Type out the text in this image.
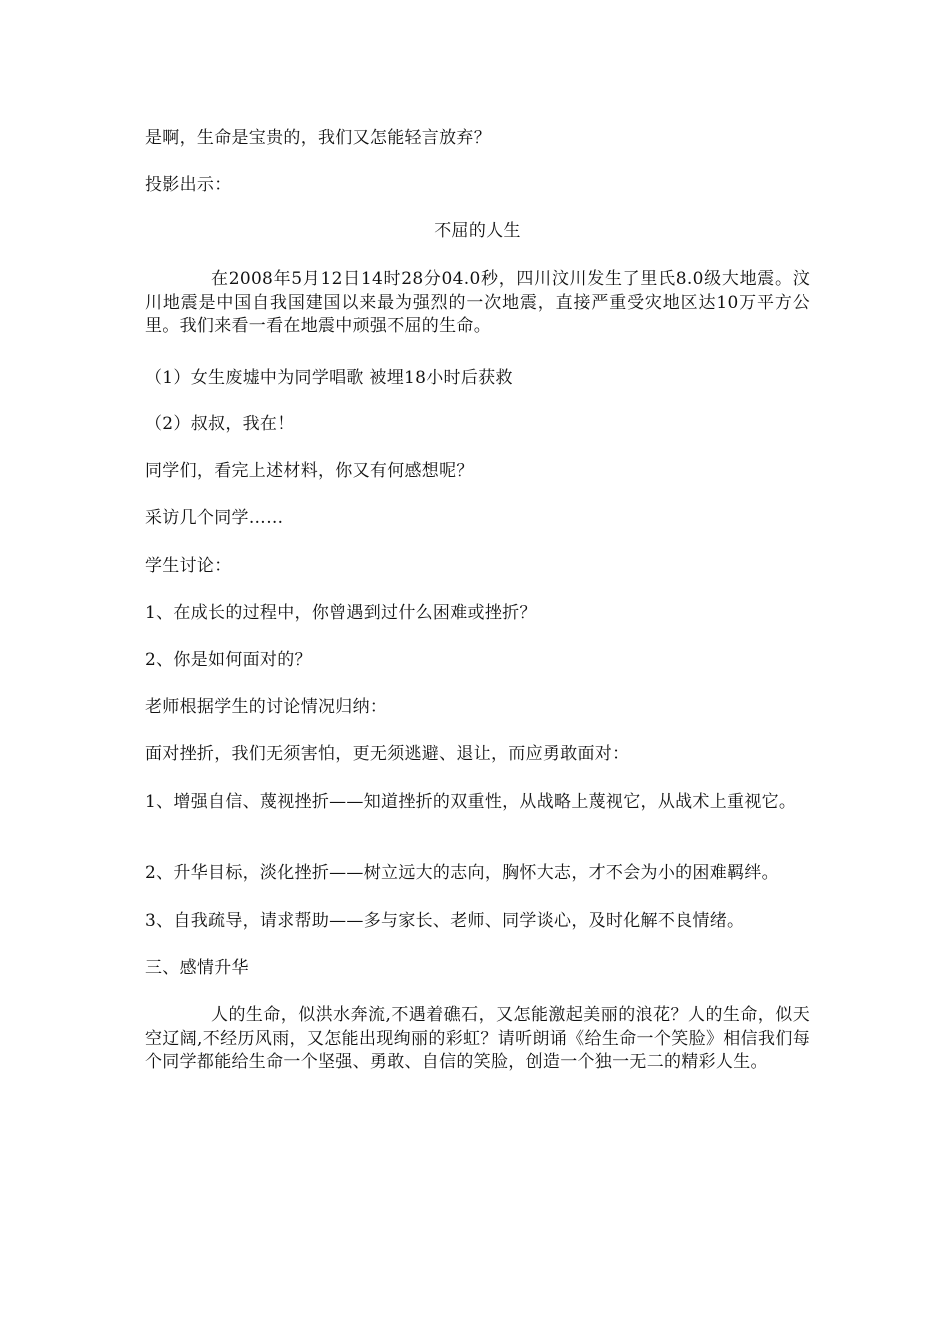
是啊，生命是宝贵的，我们又怎能轻言放弃？

投影出示：

不屈的人生

在2008年5月12日14时28分04.0秒，四川汶川发生了里氏8.0级大地震。汶川地震是中国自我国建国以来最为强烈的一次地震，直接严重受灾地区达10万平方公里。我们来看一看在地震中顽强不屈的生命。

（1）女生废墟中为同学唱歌 被埋18小时后获救

（2）叔叔，我在！

同学们，看完上述材料，你又有何感想呢？

采访几个同学……

学生讨论：

1、在成长的过程中，你曾遇到过什么困难或挫折？

2、你是如何面对的？

老师根据学生的讨论情况归纳：

面对挫折，我们无须害怕，更无须逃避、退让，而应勇敢面对：

1、增强自信、蔑视挫折——知道挫折的双重性，从战略上蔑视它，从战术上重视它。

2、升华目标，淡化挫折——树立远大的志向，胸怀大志，才不会为小的困难羁绊。

3、自我疏导，请求帮助——多与家长、老师、同学谈心，及时化解不良情绪。

三、感情升华

人的生命，似洪水奔流,不遇着礁石，又怎能激起美丽的浪花？人的生命，似天空辽阔,不经历风雨，又怎能出现绚丽的彩虹？请听朗诵《给生命一个笑脸》相信我们每个同学都能给生命一个坚强、勇敢、自信的笑脸，创造一个独一无二的精彩人生。
